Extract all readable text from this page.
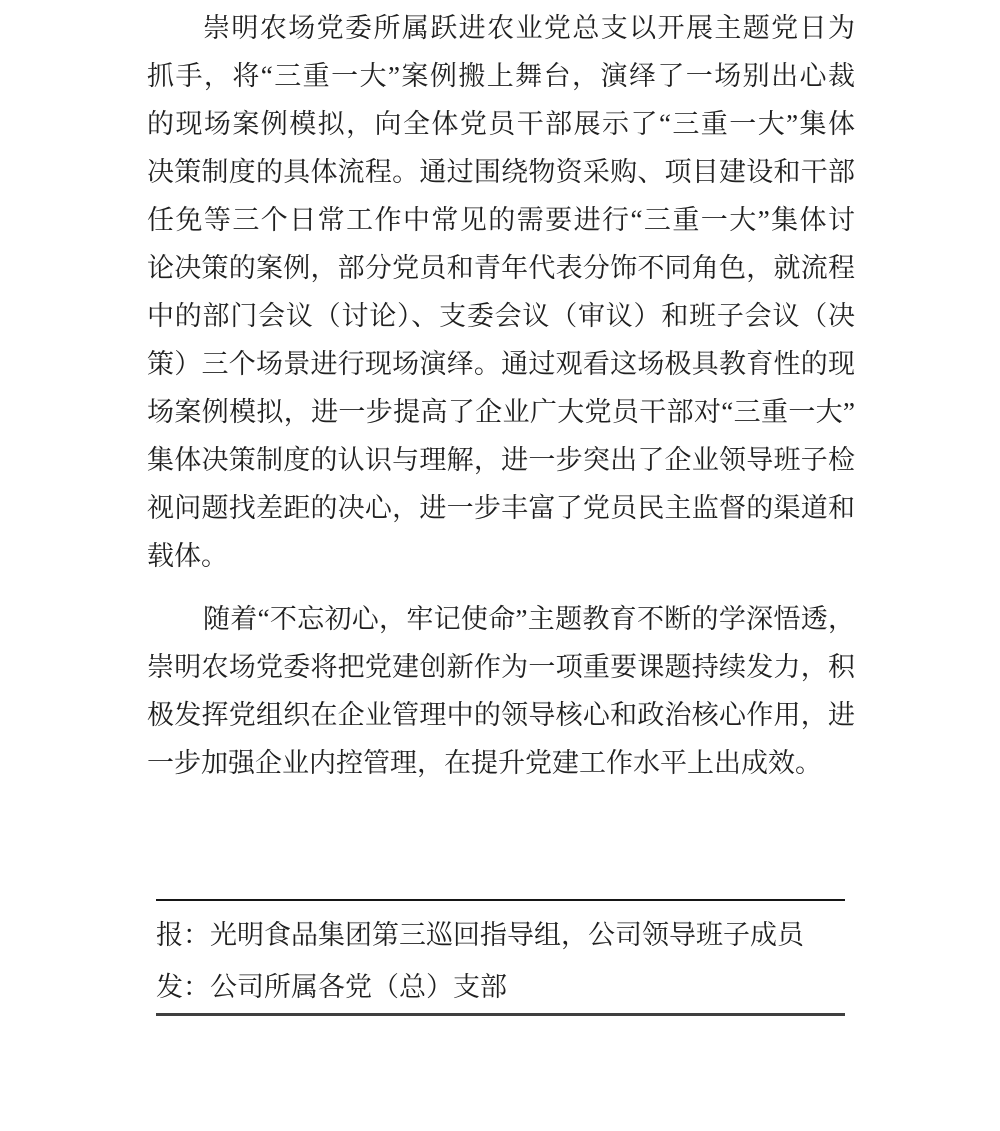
崇明农场党委所属跃进农业党总支以开展主题党日为
抓手，将“三重一大”案例搬上舞台，演绎了一场别出心裁
的现场案例模拟，向全体党员干部展示了“三重一大”集体
决策制度的具体流程。通过围绕物资采购、项目建设和干部
任免等三个日常工作中常见的需要进行“三重一大”集体讨
论决策的案例，部分党员和青年代表分饰不同角色，就流程
中的部门会议（讨论）、支委会议（审议）和班子会议（决
策）三个场景进行现场演绎。通过观看这场极具教育性的现
场案例模拟，进一步提高了企业广大党员干部对“三重一大”
集体决策制度的认识与理解，进一步突出了企业领导班子检
视问题找差距的决心，进一步丰富了党员民主监督的渠道和
载体。
随着“不忘初心，牢记使命”主题教育不断的学深悟透，
崇明农场党委将把党建创新作为一项重要课题持续发力，积
极发挥党组织在企业管理中的领导核心和政治核心作用，进
一步加强企业内控管理，在提升党建工作水平上出成效。
报：光明食品集团第三巡回指导组，公司领导班子成员
发：公司所属各党（总）支部
